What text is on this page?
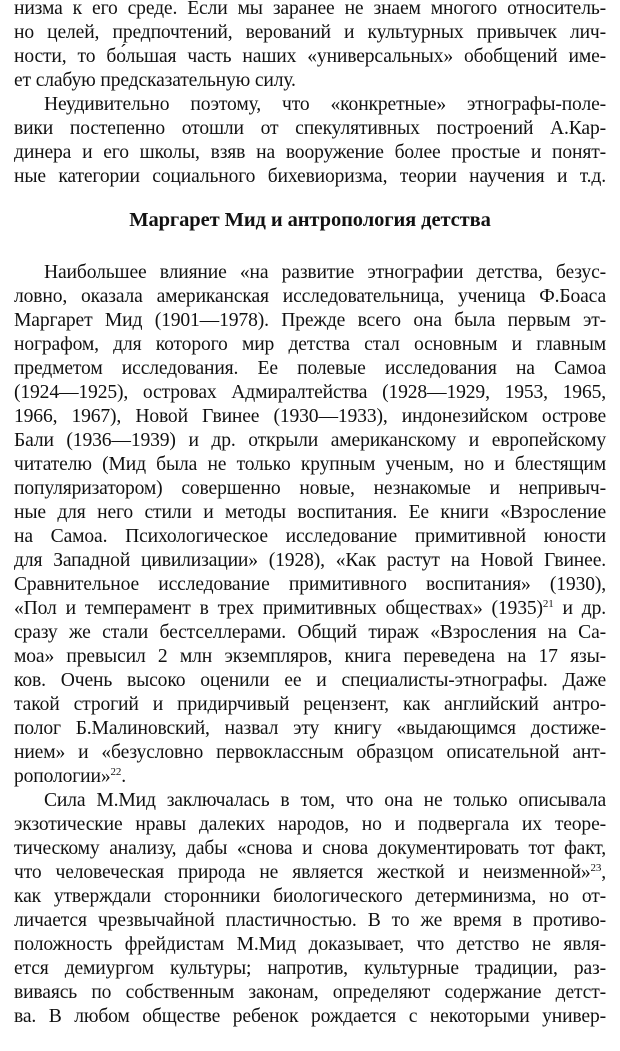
низма к его среде. Если мы заранее не знаем многого относитель-
но целей, предпочтений, верований и культурных привычек лич-
ности, то бо́льшая часть наших «универсальных» обобщений име-
ет слабую предсказательную силу.
Неудивительно поэтому, что «конкретные» этнографы-поле-
вики постепенно отошли от спекулятивных построений А.Кар-
динера и его школы, взяв на вооружение более простые и понят-
ные категории социального бихевиоризма, теории научения и т.д.
Маргарет Мид и антропология детства
Наибольшее влияние «на развитие этнографии детства, безус-
ловно, оказала американская исследовательница, ученица Ф.Боаса
Маргарет Мид (1901—1978). Прежде всего она была первым эт-
нографом, для которого мир детства стал основным и главным
предметом исследования. Ее полевые исследования на Самоа
(1924—1925), островах Адмиралтейства (1928—1929, 1953, 1965,
1966, 1967), Новой Гвинее (1930—1933), индонезийском острове
Бали (1936—1939) и др. открыли американскому и европейскому
читателю (Мид была не только крупным ученым, но и блестящим
популяризатором) совершенно новые, незнакомые и непривыч-
ные для него стили и методы воспитания. Ее книги «Взросление
на Самоа. Психологическое исследование примитивной юности
для Западной цивилизации» (1928), «Как растут на Новой Гвинее.
Сравнительное исследование примитивного воспитания» (1930),
«Пол и темперамент в трех примитивных обществах» $(1935)^{21}$ и др.
сразу же стали бестселлерами. Общий тираж «Взросления на Са-
моа» превысил 2 млн экземпляров, книга переведена на 17 язы-
ков. Очень высоко оценили ее и специалисты-этнографы. Даже
такой строгий и придирчивый рецензент, как английский антро-
полог Б.Малиновский, назвал эту книгу «выдающимся достиже-
нием» и «безусловно первоклассным образцом описательной ант-
ропологии»$^{22}$.
Сила М.Мид заключалась в том, что она не только описывала
экзотические нравы далеких народов, но и подвергала их теоре-
тическому анализу, дабы «снова и снова документировать тот факт,
что человеческая природа не является жесткой и неизменной»$^{23}$,
как утверждали сторонники биологического детерминизма, но от-
личается чрезвычайной пластичностью. В то же время в противо-
положность фрейдистам М.Мид доказывает, что детство не явля-
ется демиургом культуры; напротив, культурные традиции, раз-
виваясь по собственным законам, определяют содержание детст-
ва. В любом обществе ребенок рождается с некоторыми универ-
